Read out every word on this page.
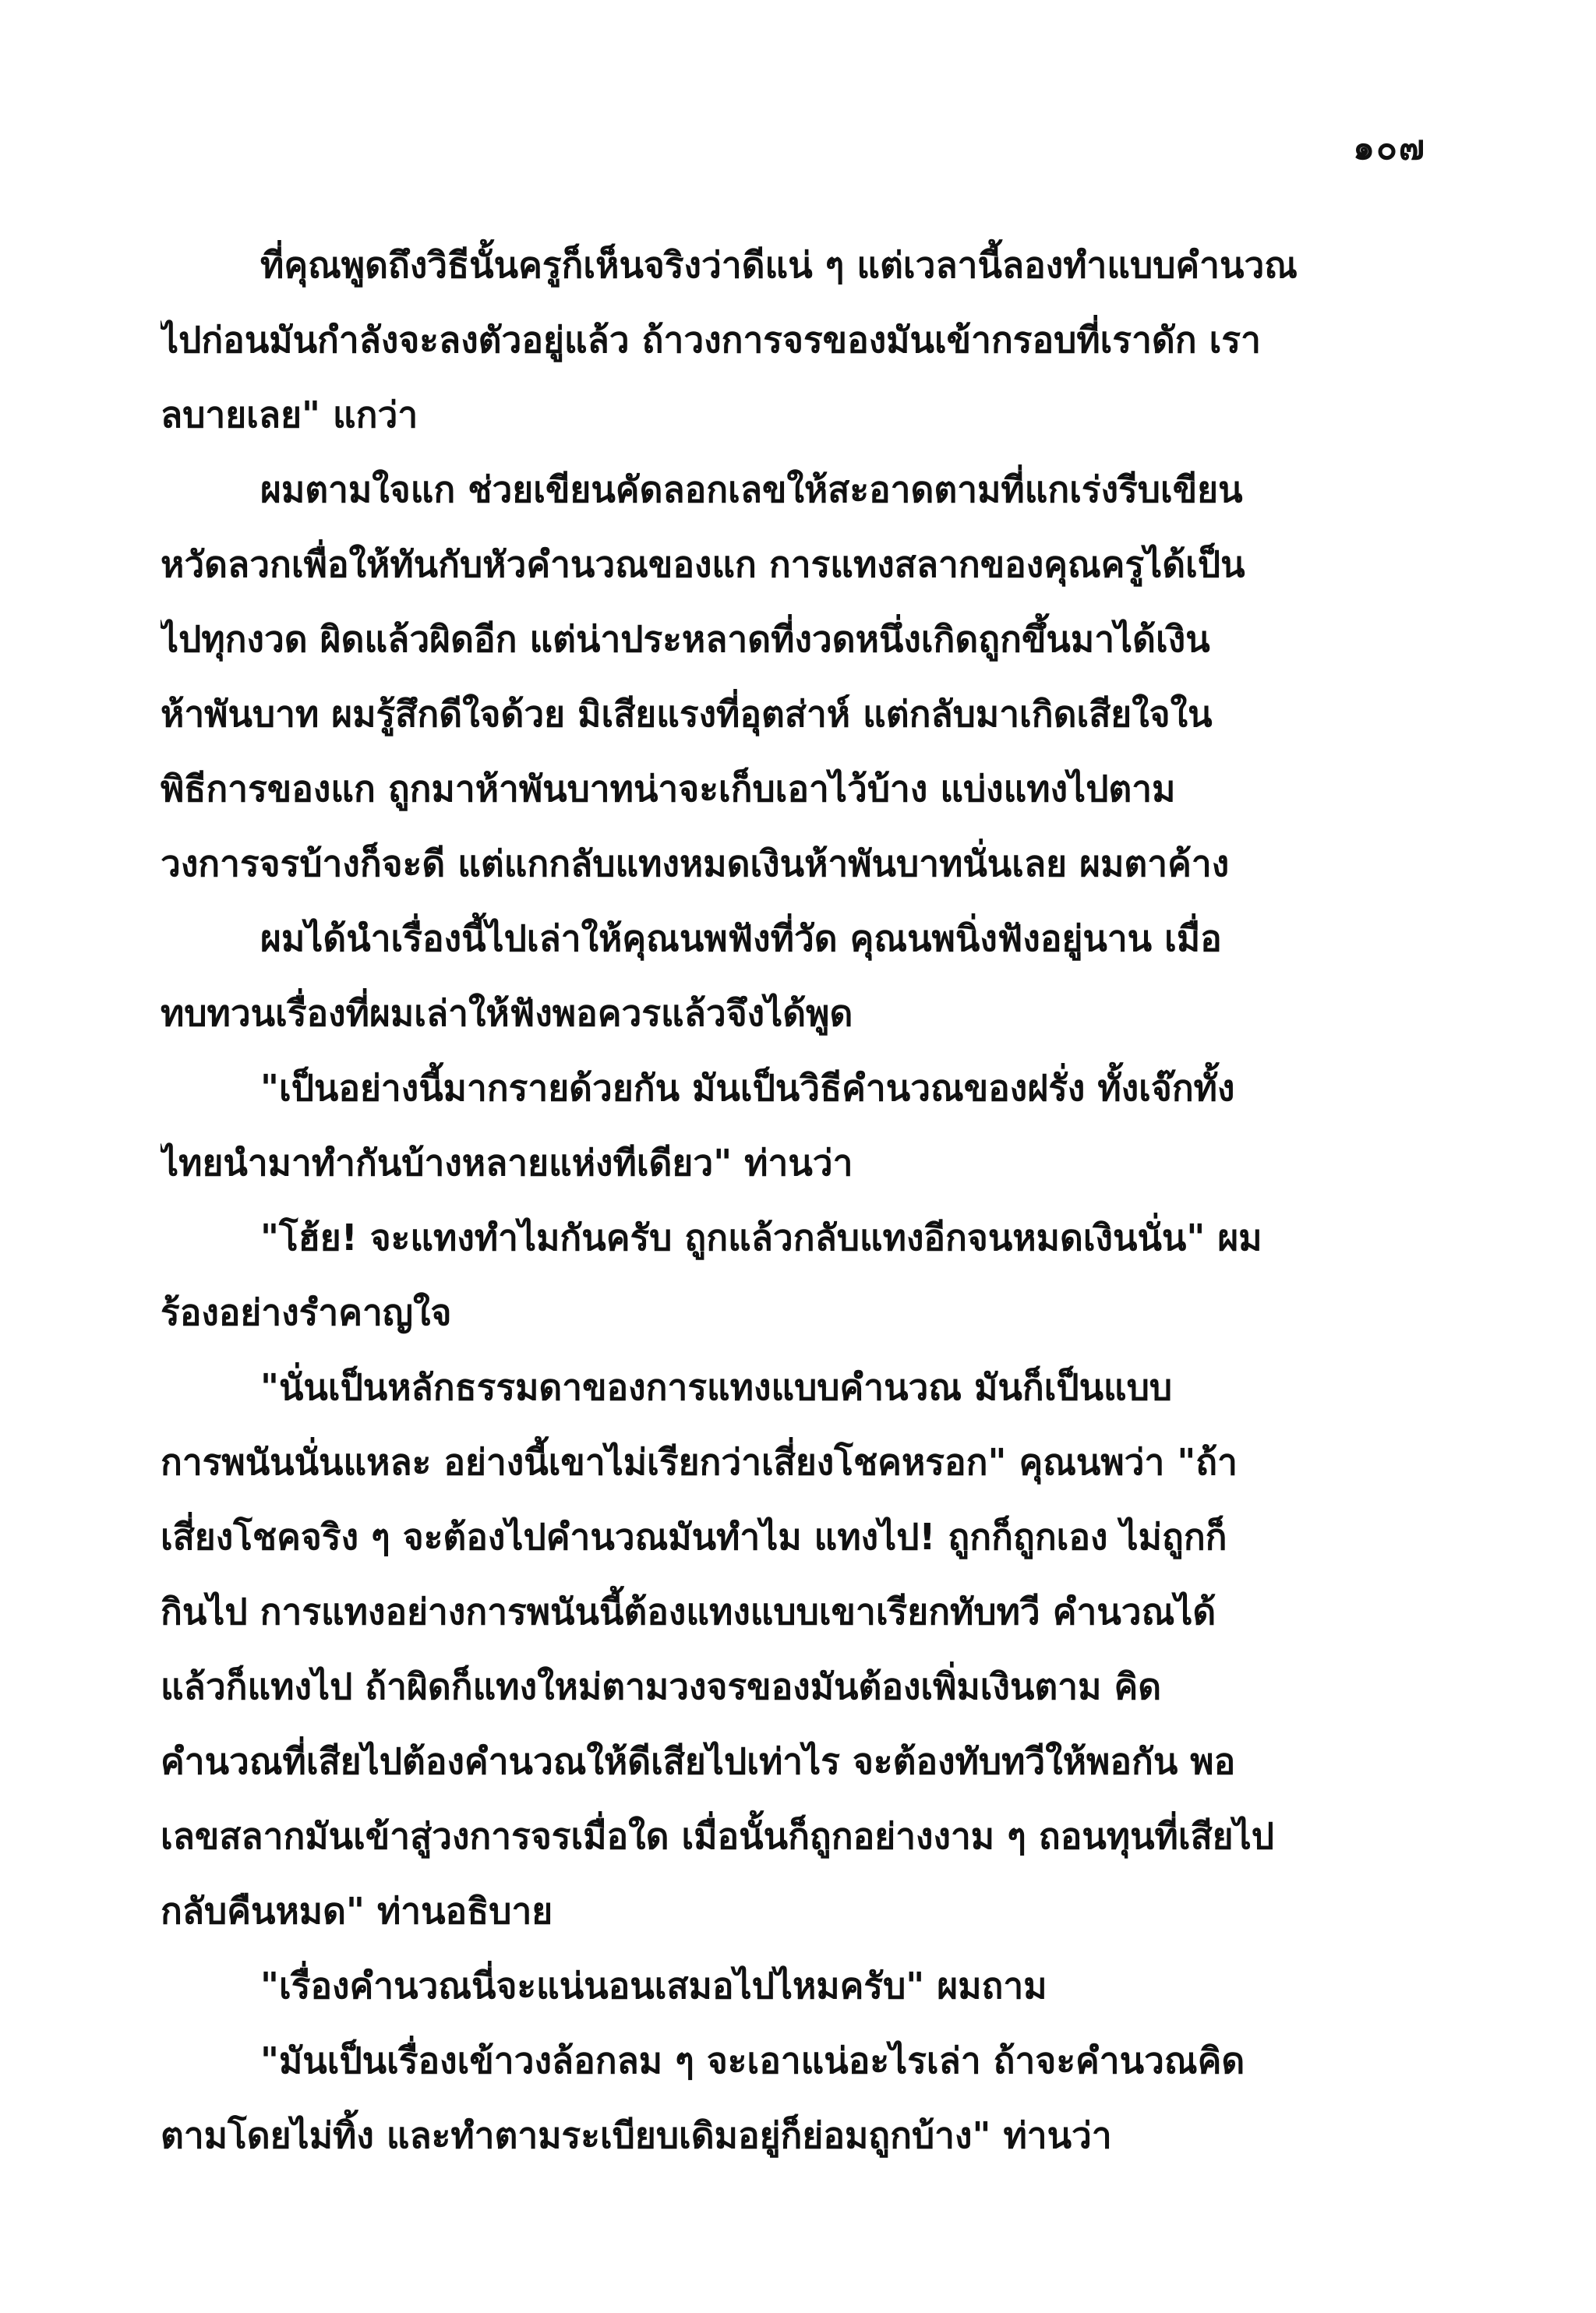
๑๐๗
ที่คุณพูดถึงวิธีนั้นครูก็เห็นจริงว่าดีแน่ ๆ แต่เวลานี้ลองทำแบบคำนวณ
ไปก่อนมันกำลังจะลงตัวอยู่แล้ว ถ้าวงการจรของมันเข้ากรอบที่เราดัก เรา
ลบายเลย" แกว่า
ผมตามใจแก ช่วยเขียนคัดลอกเลขให้สะอาดตามที่แกเร่งรีบเขียน
หวัดลวกเพื่อให้ทันกับหัวคำนวณของแก การแทงสลากของคุณครูได้เป็น
ไปทุกงวด ผิดแล้วผิดอีก แต่น่าประหลาดที่งวดหนึ่งเกิดถูกขึ้นมาได้เงิน
ห้าพันบาท ผมรู้สึกดีใจด้วย มิเสียแรงที่อุตส่าห์ แต่กลับมาเกิดเสียใจใน
พิธีการของแก ถูกมาห้าพันบาทน่าจะเก็บเอาไว้บ้าง แบ่งแทงไปตาม
วงการจรบ้างก็จะดี แต่แกกลับแทงหมดเงินห้าพันบาทนั่นเลย ผมตาค้าง
ผมได้นำเรื่องนี้ไปเล่าให้คุณนพฟังที่วัด คุณนพนิ่งฟังอยู่นาน เมื่อ
ทบทวนเรื่องที่ผมเล่าให้ฟังพอควรแล้วจึงได้พูด
"เป็นอย่างนี้มากรายด้วยกัน มันเป็นวิธีคำนวณของฝรั่ง ทั้งเจ๊กทั้ง
ไทยนำมาทำกันบ้างหลายแห่งทีเดียว" ท่านว่า
"โฮ้ย! จะแทงทำไมกันครับ ถูกแล้วกลับแทงอีกจนหมดเงินนั่น" ผม
ร้องอย่างรำคาญใจ
"นั่นเป็นหลักธรรมดาของการแทงแบบคำนวณ มันก็เป็นแบบ
การพนันนั่นแหละ อย่างนี้เขาไม่เรียกว่าเสี่ยงโชคหรอก" คุณนพว่า "ถ้า
เสี่ยงโชคจริง ๆ จะต้องไปคำนวณมันทำไม แทงไป! ถูกก็ถูกเอง ไม่ถูกก็
กินไป การแทงอย่างการพนันนี้ต้องแทงแบบเขาเรียกทับทวี คำนวณได้
แล้วก็แทงไป ถ้าผิดก็แทงใหม่ตามวงจรของมันต้องเพิ่มเงินตาม คิด
คำนวณที่เสียไปต้องคำนวณให้ดีเสียไปเท่าไร จะต้องทับทวีให้พอกัน พอ
เลขสลากมันเข้าสู่วงการจรเมื่อใด เมื่อนั้นก็ถูกอย่างงาม ๆ ถอนทุนที่เสียไป
กลับคืนหมด" ท่านอธิบาย
"เรื่องคำนวณนี่จะแน่นอนเสมอไปไหมครับ" ผมถาม
"มันเป็นเรื่องเข้าวงล้อกลม ๆ จะเอาแน่อะไรเล่า ถ้าจะคำนวณคิด
ตามโดยไม่ทิ้ง และทำตามระเบียบเดิมอยู่ก็ย่อมถูกบ้าง" ท่านว่า
